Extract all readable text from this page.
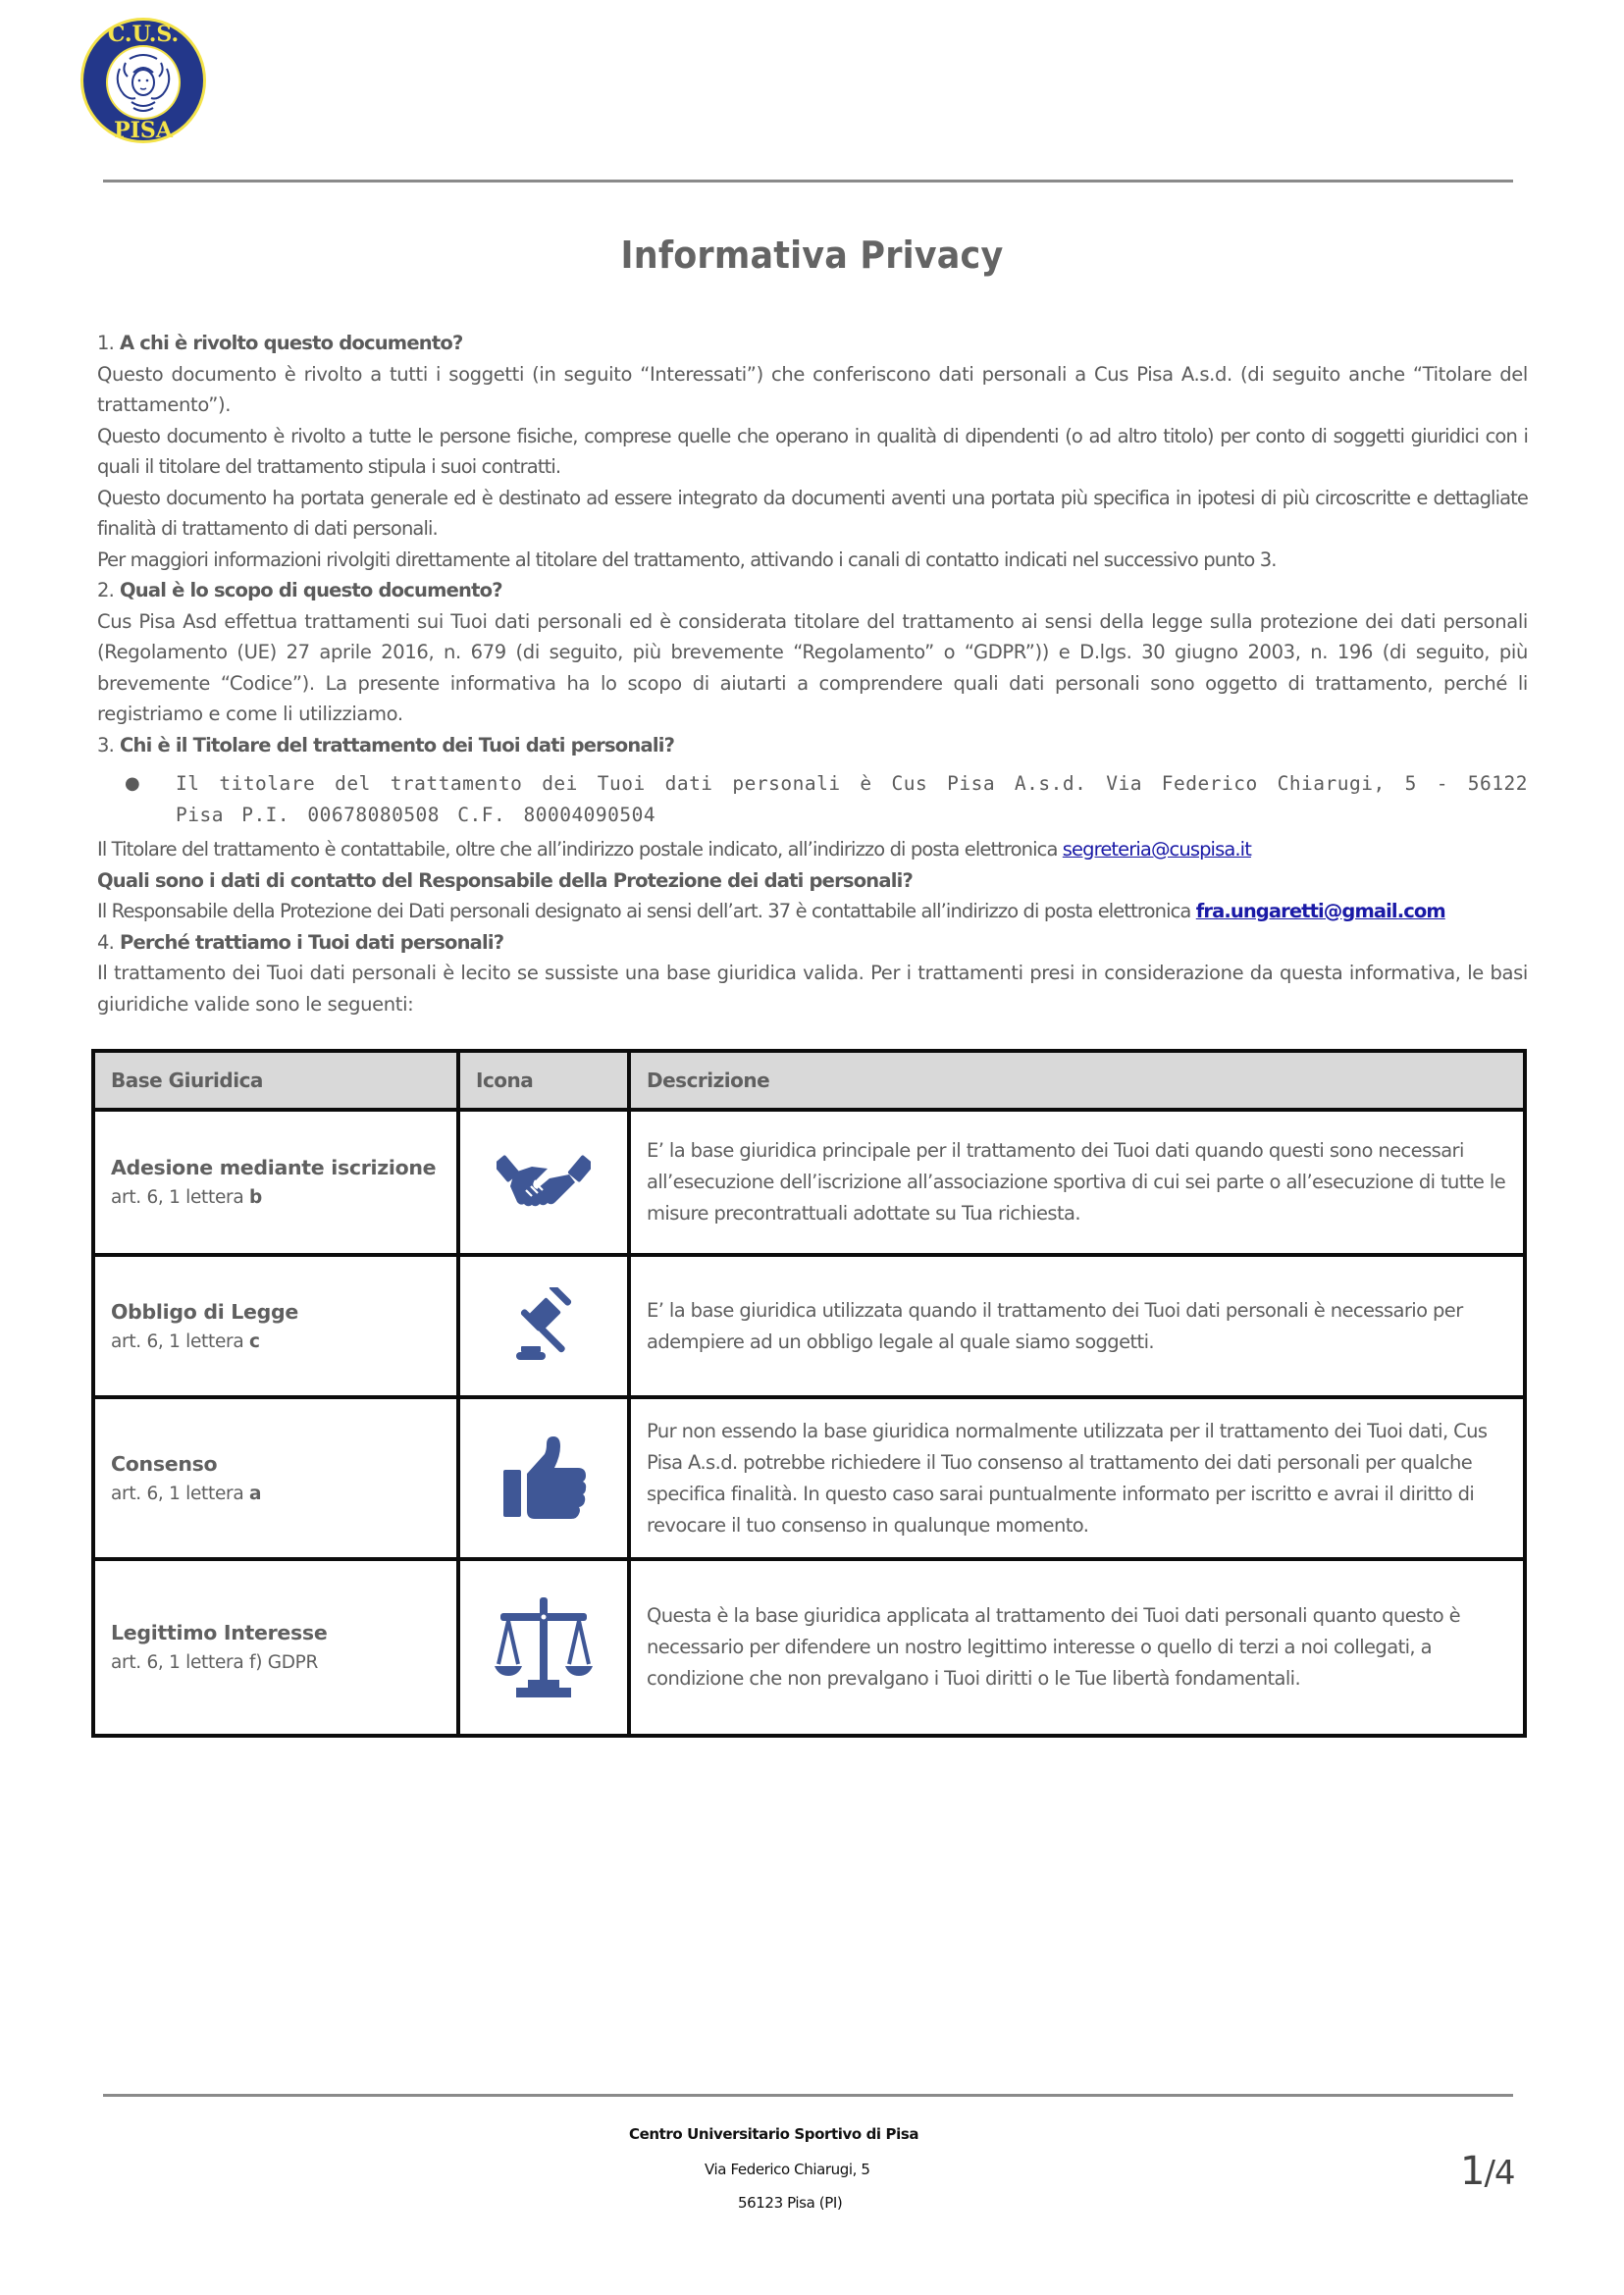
C.U.S.
PISA
Informativa Privacy

1. A chi è rivolto questo documento?

Questo documento è rivolto a tutti i soggetti (in seguito “Interessati”) che conferiscono dati personali a Cus Pisa A.s.d. (di seguito anche “Titolare del trattamento”).

Questo documento è rivolto a tutte le persone fisiche, comprese quelle che operano in qualità di dipendenti (o ad altro titolo) per conto di soggetti giuridici con i quali il titolare del trattamento stipula i suoi contratti.

Questo documento ha portata generale ed è destinato ad essere integrato da documenti aventi una portata più specifica in ipotesi di più circoscritte e dettagliate finalità di trattamento di dati personali.

Per maggiori informazioni rivolgiti direttamente al titolare del trattamento, attivando i canali di contatto indicati nel successivo punto 3.

2. Qual è lo scopo di questo documento?

Cus Pisa Asd effettua trattamenti sui Tuoi dati personali ed è considerata titolare del trattamento ai sensi della legge sulla protezione dei dati personali (Regolamento (UE) 27 aprile 2016, n. 679 (di seguito, più brevemente “Regolamento” o “GDPR”)) e D.lgs. 30 giugno 2003, n. 196 (di seguito, più brevemente “Codice”). La presente informativa ha lo scopo di aiutarti a comprendere quali dati personali sono oggetto di trattamento, perché li registriamo e come li utilizziamo.

3. Chi è il Titolare del trattamento dei Tuoi dati personali?

●	Il titolare del trattamento dei Tuoi dati personali è Cus Pisa A.s.d. Via Federico Chiarugi, 5 - 56122 Pisa P.I. 00678080508 C.F. 80004090504

Il Titolare del trattamento è contattabile, oltre che all’indirizzo postale indicato, all’indirizzo di posta elettronica segreteria@cuspisa.it

Quali sono i dati di contatto del Responsabile della Protezione dei dati personali?

Il Responsabile della Protezione dei Dati personali designato ai sensi dell’art. 37 è contattabile all’indirizzo di posta elettronica fra.ungaretti@gmail.com

4. Perché trattiamo i Tuoi dati personali?

Il trattamento dei Tuoi dati personali è lecito se sussiste una base giuridica valida. Per i trattamenti presi in considerazione da questa informativa, le basi giuridiche valide sono le seguenti:

Base Giuridica	Icona	Descrizione

Adesione mediante iscrizione
art. 6, 1 lettera b		E’ la base giuridica principale per il trattamento dei Tuoi dati quando questi sono necessari all’esecuzione dell’iscrizione all’associazione sportiva di cui sei parte o all’esecuzione di tutte le misure precontrattuali adottate su Tua richiesta.

Obbligo di Legge
art. 6, 1 lettera c		E’ la base giuridica utilizzata quando il trattamento dei Tuoi dati personali è necessario per adempiere ad un obbligo legale al quale siamo soggetti.

Consenso
art. 6, 1 lettera a		Pur non essendo la base giuridica normalmente utilizzata per il trattamento dei Tuoi dati, Cus Pisa A.s.d. potrebbe richiedere il Tuo consenso al trattamento dei dati personali per qualche specifica finalità. In questo caso sarai puntualmente informato per iscritto e avrai il diritto di revocare il tuo consenso in qualunque momento.

Legittimo Interesse
art. 6, 1 lettera f) GDPR		Questa è la base giuridica applicata al trattamento dei Tuoi dati personali quanto questo è necessario per difendere un nostro legittimo interesse o quello di terzi a noi collegati, a condizione che non prevalgano i Tuoi diritti o le Tue libertà fondamentali.
Centro Universitario Sportivo di Pisa
Via Federico Chiarugi, 5
56123 Pisa (PI)
1/4
